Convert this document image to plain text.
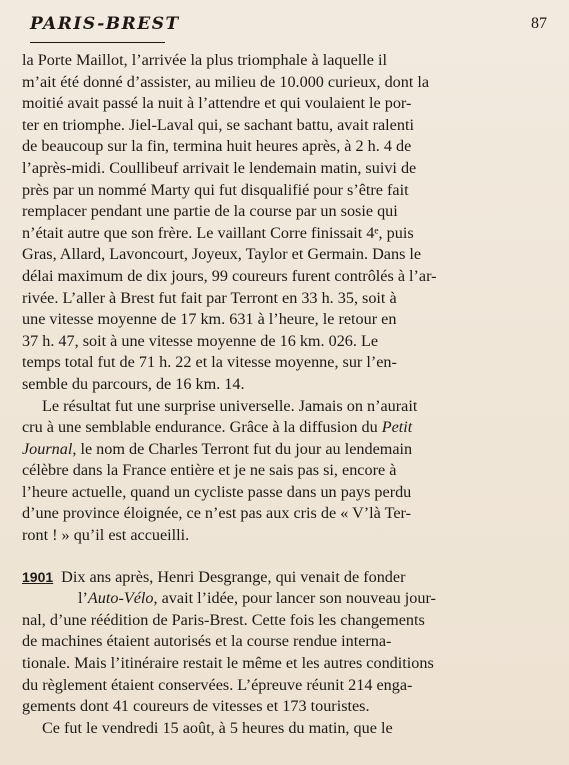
PARIS-BREST	87
la Porte Maillot, l’arrivée la plus triomphale à laquelle il
m’ait été donné d’assister, au milieu de 10.000 curieux, dont la
moitié avait passé la nuit à l’attendre et qui voulaient le por-
ter en triomphe. Jiel-Laval qui, se sachant battu, avait ralenti
de beaucoup sur la fin, termina huit heures après, à 2 h. 4 de
l’après-midi. Coullibeuf arrivait le lendemain matin, suivi de
près par un nommé Marty qui fut disqualifié pour s’être fait
remplacer pendant une partie de la course par un sosie qui
n’était autre que son frère. Le vaillant Corre finissait 4ᵉ, puis
Gras, Allard, Lavoncourt, Joyeux, Taylor et Germain. Dans le
délai maximum de dix jours, 99 coureurs furent contrôlés à l’ar-
rivée. L’aller à Brest fut fait par Terront en 33 h. 35, soit à
une vitesse moyenne de 17 km. 631 à l’heure, le retour en
37 h. 47, soit à une vitesse moyenne de 16 km. 026. Le
temps total fut de 71 h. 22 et la vitesse moyenne, sur l’en-
semble du parcours, de 16 km. 14.
Le résultat fut une surprise universelle. Jamais on n’aurait
cru à une semblable endurance. Grâce à la diffusion du Petit
Journal, le nom de Charles Terront fut du jour au lendemain
célèbre dans la France entière et je ne sais pas si, encore à
l’heure actuelle, quand un cycliste passe dans un pays perdu
d’une province éloignée, ce n’est pas aux cris de « V’là Ter-
ront ! » qu’il est accueilli.
1901 Dix ans après, Henri Desgrange, qui venait de fonder
l’Auto-Vélo, avait l’idée, pour lancer son nouveau jour-
nal, d’une réédition de Paris-Brest. Cette fois les changements
de machines étaient autorisés et la course rendue interna-
tionale. Mais l’itinéraire restait le même et les autres conditions
du règlement étaient conservées. L’épreuve réunit 214 enga-
gements dont 41 coureurs de vitesses et 173 touristes.
Ce fut le vendredi 15 août, à 5 heures du matin, que le
